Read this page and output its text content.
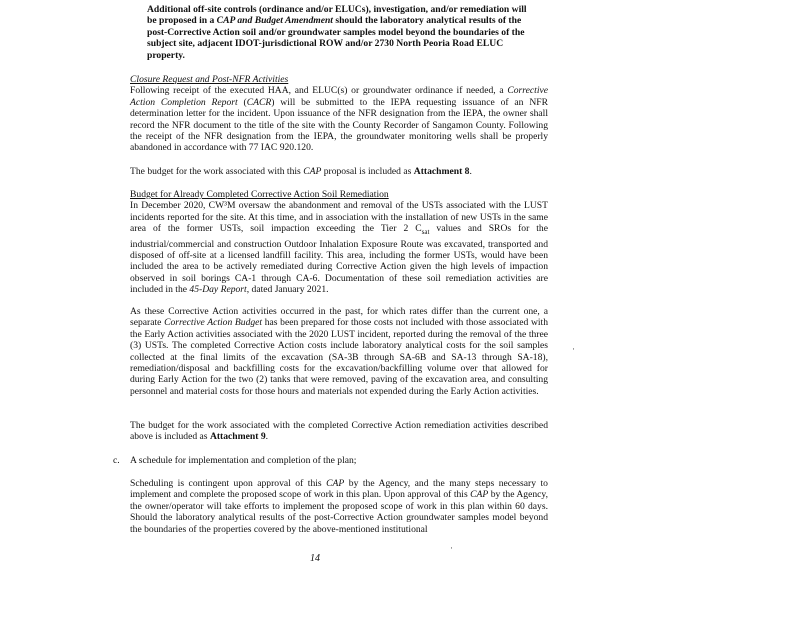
Additional off-site controls (ordinance and/or ELUCs), investigation, and/or remediation will
be proposed in a CAP and Budget Amendment should the laboratory analytical results of the
post-Corrective Action soil and/or groundwater samples model beyond the boundaries of the
subject site, adjacent IDOT-jurisdictional ROW and/or 2730 North Peoria Road ELUC
property.
Closure Request and Post-NFR Activities
Following receipt of the executed HAA, and ELUC(s) or groundwater ordinance if needed, a Corrective Action Completion Report (CACR) will be submitted to the IEPA requesting issuance of an NFR determination letter for the incident. Upon issuance of the NFR designation from the IEPA, the owner shall record the NFR document to the title of the site with the County Recorder of Sangamon County. Following the receipt of the NFR designation from the IEPA, the groundwater monitoring wells shall be properly abandoned in accordance with 77 IAC 920.120.
The budget for the work associated with this CAP proposal is included as Attachment 8.
Budget for Already Completed Corrective Action Soil Remediation
In December 2020, CW³M oversaw the abandonment and removal of the USTs associated with the LUST incidents reported for the site. At this time, and in association with the installation of new USTs in the same area of the former USTs, soil impaction exceeding the Tier 2 $C_{sat}$ values and SROs for the industrial/commercial and construction Outdoor Inhalation Exposure Route was excavated, transported and disposed of off-site at a licensed landfill facility. This area, including the former USTs, would have been included the area to be actively remediated during Corrective Action given the high levels of impaction observed in soil borings CA-1 through CA-6. Documentation of these soil remediation activities are included in the 45-Day Report, dated January 2021.
As these Corrective Action activities occurred in the past, for which rates differ than the current one, a separate Corrective Action Budget has been prepared for those costs not included with those associated with the Early Action activities associated with the 2020 LUST incident, reported during the removal of the three (3) USTs. The completed Corrective Action costs include laboratory analytical costs for the soil samples collected at the final limits of the excavation (SA-3B through SA-6B and SA-13 through SA-18), remediation/disposal and backfilling costs for the excavation/backfilling volume over that allowed for during Early Action for the two (2) tanks that were removed, paving of the excavation area, and consulting personnel and material costs for those hours and materials not expended during the Early Action activities.
The budget for the work associated with the completed Corrective Action remediation activities described above is included as Attachment 9.
c. A schedule for implementation and completion of the plan;
Scheduling is contingent upon approval of this CAP by the Agency, and the many steps necessary to implement and complete the proposed scope of work in this plan. Upon approval of this CAP by the Agency, the owner/operator will take efforts to implement the proposed scope of work in this plan within 60 days. Should the laboratory analytical results of the post-Corrective Action groundwater samples model beyond the boundaries of the properties covered by the above-mentioned institutional
14
·
·
